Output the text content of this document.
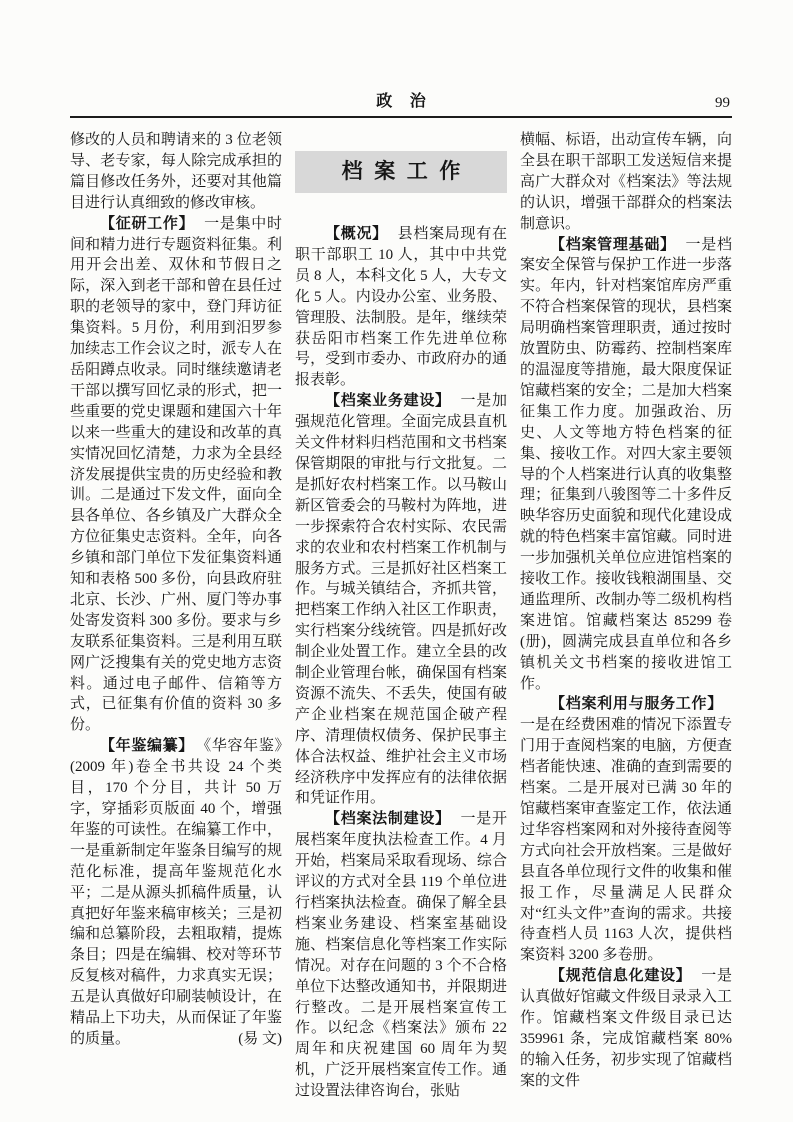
政治	99

修改的人员和聘请来的 3 位老领导、老专家，每人除完成承担的篇目修改任务外，还要对其他篇目进行认真细致的修改审核。

【征研工作】 一是集中时间和精力进行专题资料征集。利用开会出差、双休和节假日之际，深入到老干部和曾在县任过职的老领导的家中，登门拜访征集资料。5 月份，利用到汨罗参加续志工作会议之时，派专人在岳阳蹲点收录。同时继续邀请老干部以撰写回忆录的形式，把一些重要的党史课题和建国六十年以来一些重大的建设和改革的真实情况回忆清楚，力求为全县经济发展提供宝贵的历史经验和教训。二是通过下发文件，面向全县各单位、各乡镇及广大群众全方位征集史志资料。全年，向各乡镇和部门单位下发征集资料通知和表格 500 多份，向县政府驻北京、长沙、广州、厦门等办事处寄发资料 300 多份。要求与乡友联系征集资料。三是利用互联网广泛搜集有关的党史地方志资料。通过电子邮件、信箱等方式，已征集有价值的资料 30 多份。

【年鉴编纂】 《华容年鉴》(2009 年)卷全书共设 24 个类目，170 个分目，共计 50 万字，穿插彩页版面 40 个，增强年鉴的可读性。在编纂工作中，一是重新制定年鉴条目编写的规范化标准，提高年鉴规范化水平；二是从源头抓稿件质量，认真把好年鉴来稿审核关；三是初编和总纂阶段，去粗取精，提炼条目；四是在编辑、校对等环节反复核对稿件，力求真实无误；五是认真做好印刷装帧设计，在精品上下功夫，从而保证了年鉴的质量。	(易 文)

档案工作

【概况】 县档案局现有在职干部职工 10 人，其中中共党员 8 人，本科文化 5 人，大专文化 5 人。内设办公室、业务股、管理股、法制股。是年，继续荣获岳阳市档案工作先进单位称号，受到市委办、市政府办的通报表彰。

【档案业务建设】 一是加强规范化管理。全面完成县直机关文件材料归档范围和文书档案保管期限的审批与行文批复。二是抓好农村档案工作。以马鞍山新区管委会的马鞍村为阵地，进一步探索符合农村实际、农民需求的农业和农村档案工作机制与服务方式。三是抓好社区档案工作。与城关镇结合，齐抓共管，把档案工作纳入社区工作职责，实行档案分线统管。四是抓好改制企业处置工作。建立全县的改制企业管理台帐，确保国有档案资源不流失、不丢失，使国有破产企业档案在规范国企破产程序、清理债权债务、保护民事主体合法权益、维护社会主义市场经济秩序中发挥应有的法律依据和凭证作用。

【档案法制建设】 一是开展档案年度执法检查工作。4 月开始，档案局采取看现场、综合评议的方式对全县 119 个单位进行档案执法检查。确保了解全县档案业务建设、档案室基础设施、档案信息化等档案工作实际情况。对存在问题的 3 个不合格单位下达整改通知书，并限期进行整改。二是开展档案宣传工作。以纪念《档案法》颁布 22 周年和庆祝建国 60 周年为契机，广泛开展档案宣传工作。通过设置法律咨询台，张贴

横幅、标语，出动宣传车辆，向全县在职干部职工发送短信来提高广大群众对《档案法》等法规的认识，增强干部群众的档案法制意识。

【档案管理基础】 一是档案安全保管与保护工作进一步落实。年内，针对档案馆库房严重不符合档案保管的现状，县档案局明确档案管理职责，通过按时放置防虫、防霉药、控制档案库的温湿度等措施，最大限度保证馆藏档案的安全；二是加大档案征集工作力度。加强政治、历史、人文等地方特色档案的征集、接收工作。对四大家主要领导的个人档案进行认真的收集整理；征集到八骏图等二十多件反映华容历史面貌和现代化建设成就的特色档案丰富馆藏。同时进一步加强机关单位应进馆档案的接收工作。接收钱粮湖围垦、交通监理所、改制办等二级机构档案进馆。馆藏档案达 85299 卷(册)，圆满完成县直单位和各乡镇机关文书档案的接收进馆工作。

【档案利用与服务工作】一是在经费困难的情况下添置专门用于查阅档案的电脑，方便查档者能快速、准确的查到需要的档案。二是开展对已满 30 年的馆藏档案审查鉴定工作，依法通过华容档案网和对外接待查阅等方式向社会开放档案。三是做好县直各单位现行文件的收集和催报工作，尽量满足人民群众对“红头文件”查询的需求。共接待查档人员 1163 人次，提供档案资料 3200 多卷册。

【规范信息化建设】 一是认真做好馆藏文件级目录录入工作。馆藏档案文件级目录已达 359961 条，完成馆藏档案 80%的输入任务，初步实现了馆藏档案的文件
